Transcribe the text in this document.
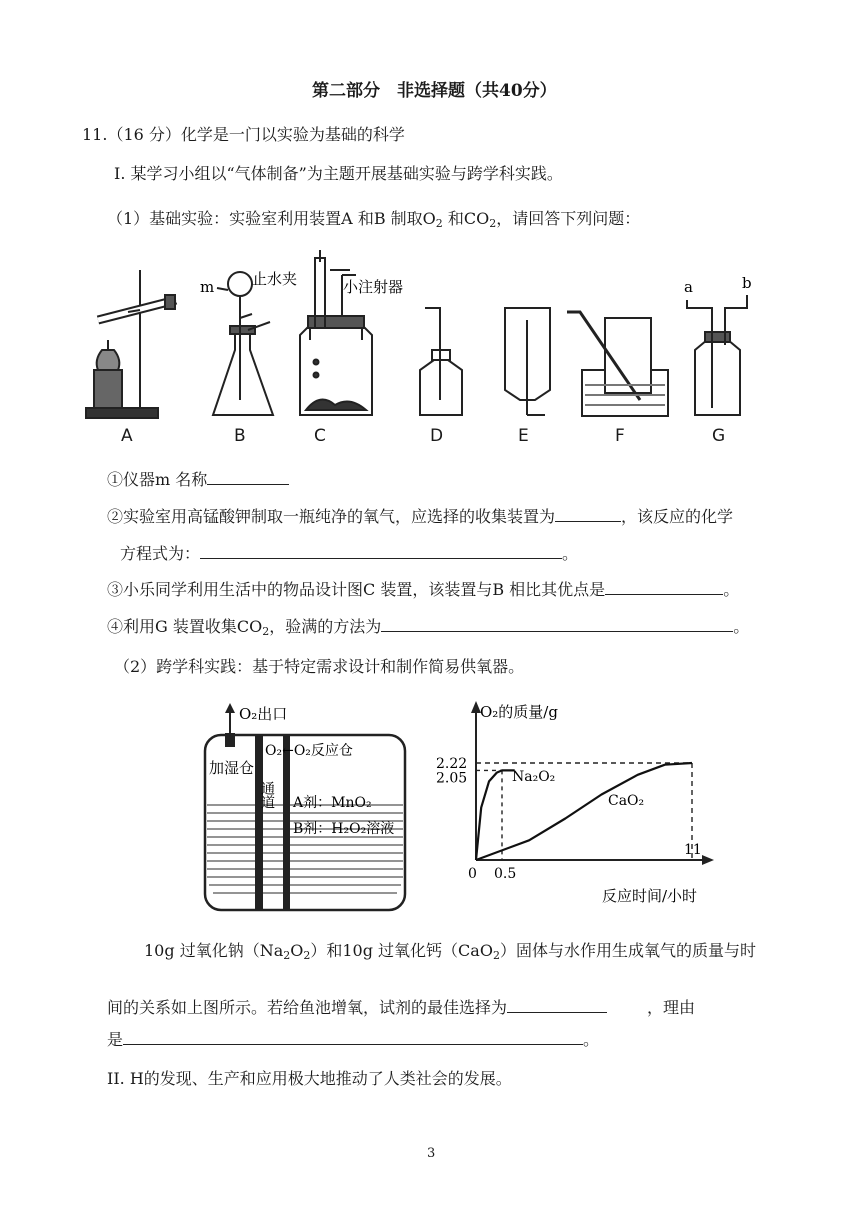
第二部分　非选择题（共40分）
11.（16 分）化学是一门以实验为基础的科学
I. 某学习小组以“气体制备”为主题开展基础实验与跨学科实践。
（1）基础实验：实验室利用装置A 和B 制取$O_2$ 和$CO_2$，请回答下列问题：
m	止水夹	小注射器	a	b
A	B	C	D	E	F	G
①仪器m 名称
②实验室用高锰酸钾制取一瓶纯净的氧气，应选择的收集装置为	，该反应的化学
方程式为：	。
③小乐同学利用生活中的物品设计图C 装置，该装置与B 相比其优点是	。
④利用G 装置收集$CO_2$，验满的方法为	。
（2）跨学科实践：基于特定需求设计和制作简易供氧器。
O₂出口
加湿仓
O₂←O₂反应仓
通道 A剂：MnO₂
B剂：H₂O₂溶液
O₂的质量/g
反应时间/小时
Na₂O₂
CaO₂
2.22
2.05
0 0.5
11
10g 过氧化钠$(Na_2O_2)$和10g 过氧化钙（CaO$_2$）固体与水作用生成氧气的质量与时
间的关系如上图所示。若给鱼池增氧，试剂的最佳选择为	，理由
是	。
II. H的发现、生产和应用极大地推动了人类社会的发展。
3
